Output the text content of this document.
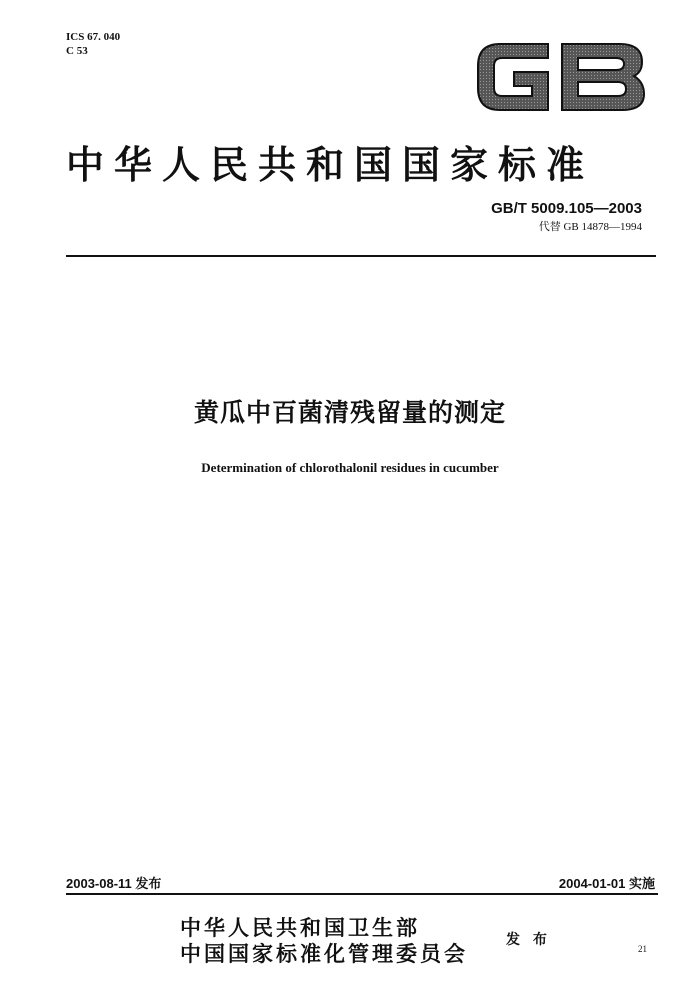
ICS 67. 040
C 53
中华人民共和国国家标准
GB/T 5009.105—2003
代替 GB 14878—1994
黄瓜中百菌清残留量的测定
Determination of chlorothalonil residues in cucumber
2003-08-11 发布	2004-01-01 实施
中华人民共和国卫生部
中国国家标准化管理委员会
发 布
21
